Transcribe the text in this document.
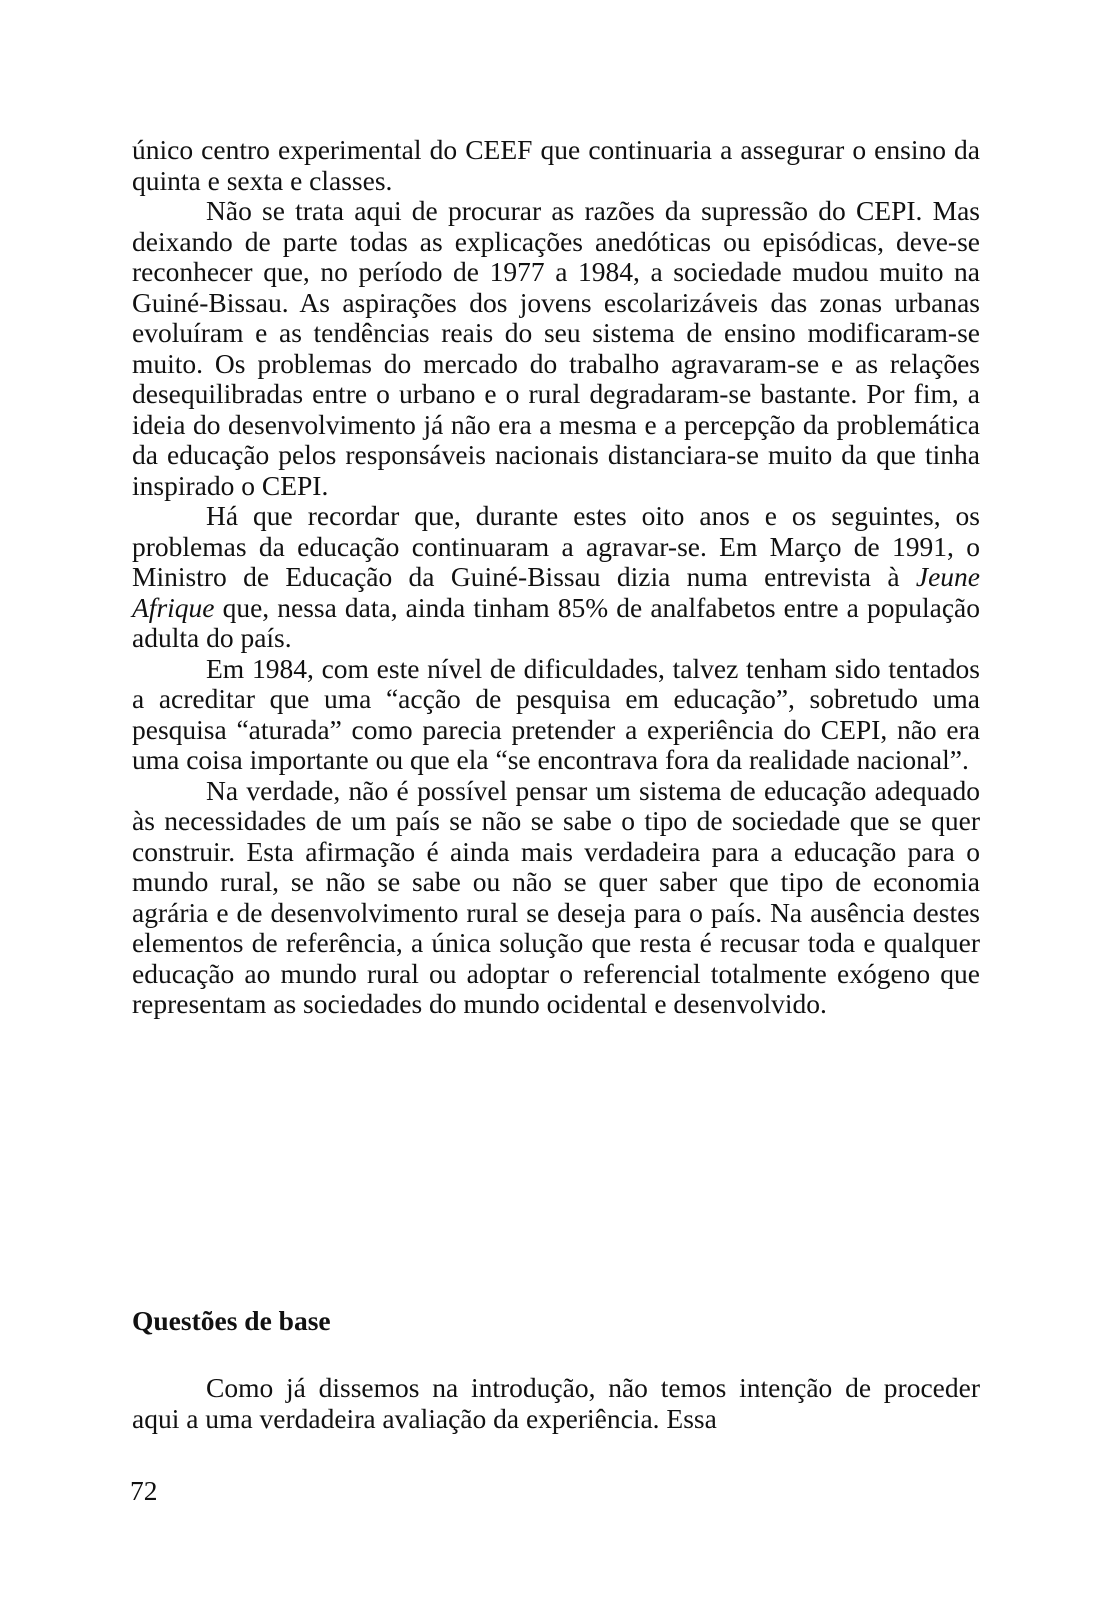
único centro experimental do CEEF que continuaria a assegurar o ensino da quinta e sexta e classes.

Não se trata aqui de procurar as razões da supressão do CEPI. Mas deixando de parte todas as explicações anedóticas ou episódicas, deve-se reconhecer que, no período de 1977 a 1984, a sociedade mudou muito na Guiné-Bissau. As aspirações dos jovens escolarizáveis das zonas urbanas evoluíram e as tendências reais do seu sistema de ensino modificaram-se muito. Os problemas do mercado do trabalho agravaram-se e as relações desequilibradas entre o urbano e o rural degradaram-se bastante. Por fim, a ideia do desenvolvimento já não era a mesma e a percepção da problemática da educação pelos responsáveis nacionais distanciara-se muito da que tinha inspirado o CEPI.

Há que recordar que, durante estes oito anos e os seguintes, os problemas da educação continuaram a agravar-se. Em Março de 1991, o Ministro de Educação da Guiné-Bissau dizia numa entrevista à Jeune Afrique que, nessa data, ainda tinham 85% de analfabetos entre a população adulta do país.

Em 1984, com este nível de dificuldades, talvez tenham sido tentados a acreditar que uma “acção de pesquisa em educação”, sobretudo uma pesquisa “aturada” como parecia pretender a experiência do CEPI, não era uma coisa importante ou que ela “se encontrava fora da realidade nacional”.

Na verdade, não é possível pensar um sistema de educação adequado às necessidades de um país se não se sabe o tipo de sociedade que se quer construir. Esta afirmação é ainda mais verdadeira para a educação para o mundo rural, se não se sabe ou não se quer saber que tipo de economia agrária e de desenvolvimento rural se deseja para o país. Na ausência destes elementos de referência, a única solução que resta é recusar toda e qualquer educação ao mundo rural ou adoptar o referencial totalmente exógeno que representam as sociedades do mundo ocidental e desenvolvido.

Questões de base

Como já dissemos na introdução, não temos intenção de proceder aqui a uma verdadeira avaliação da experiência. Essa

72
